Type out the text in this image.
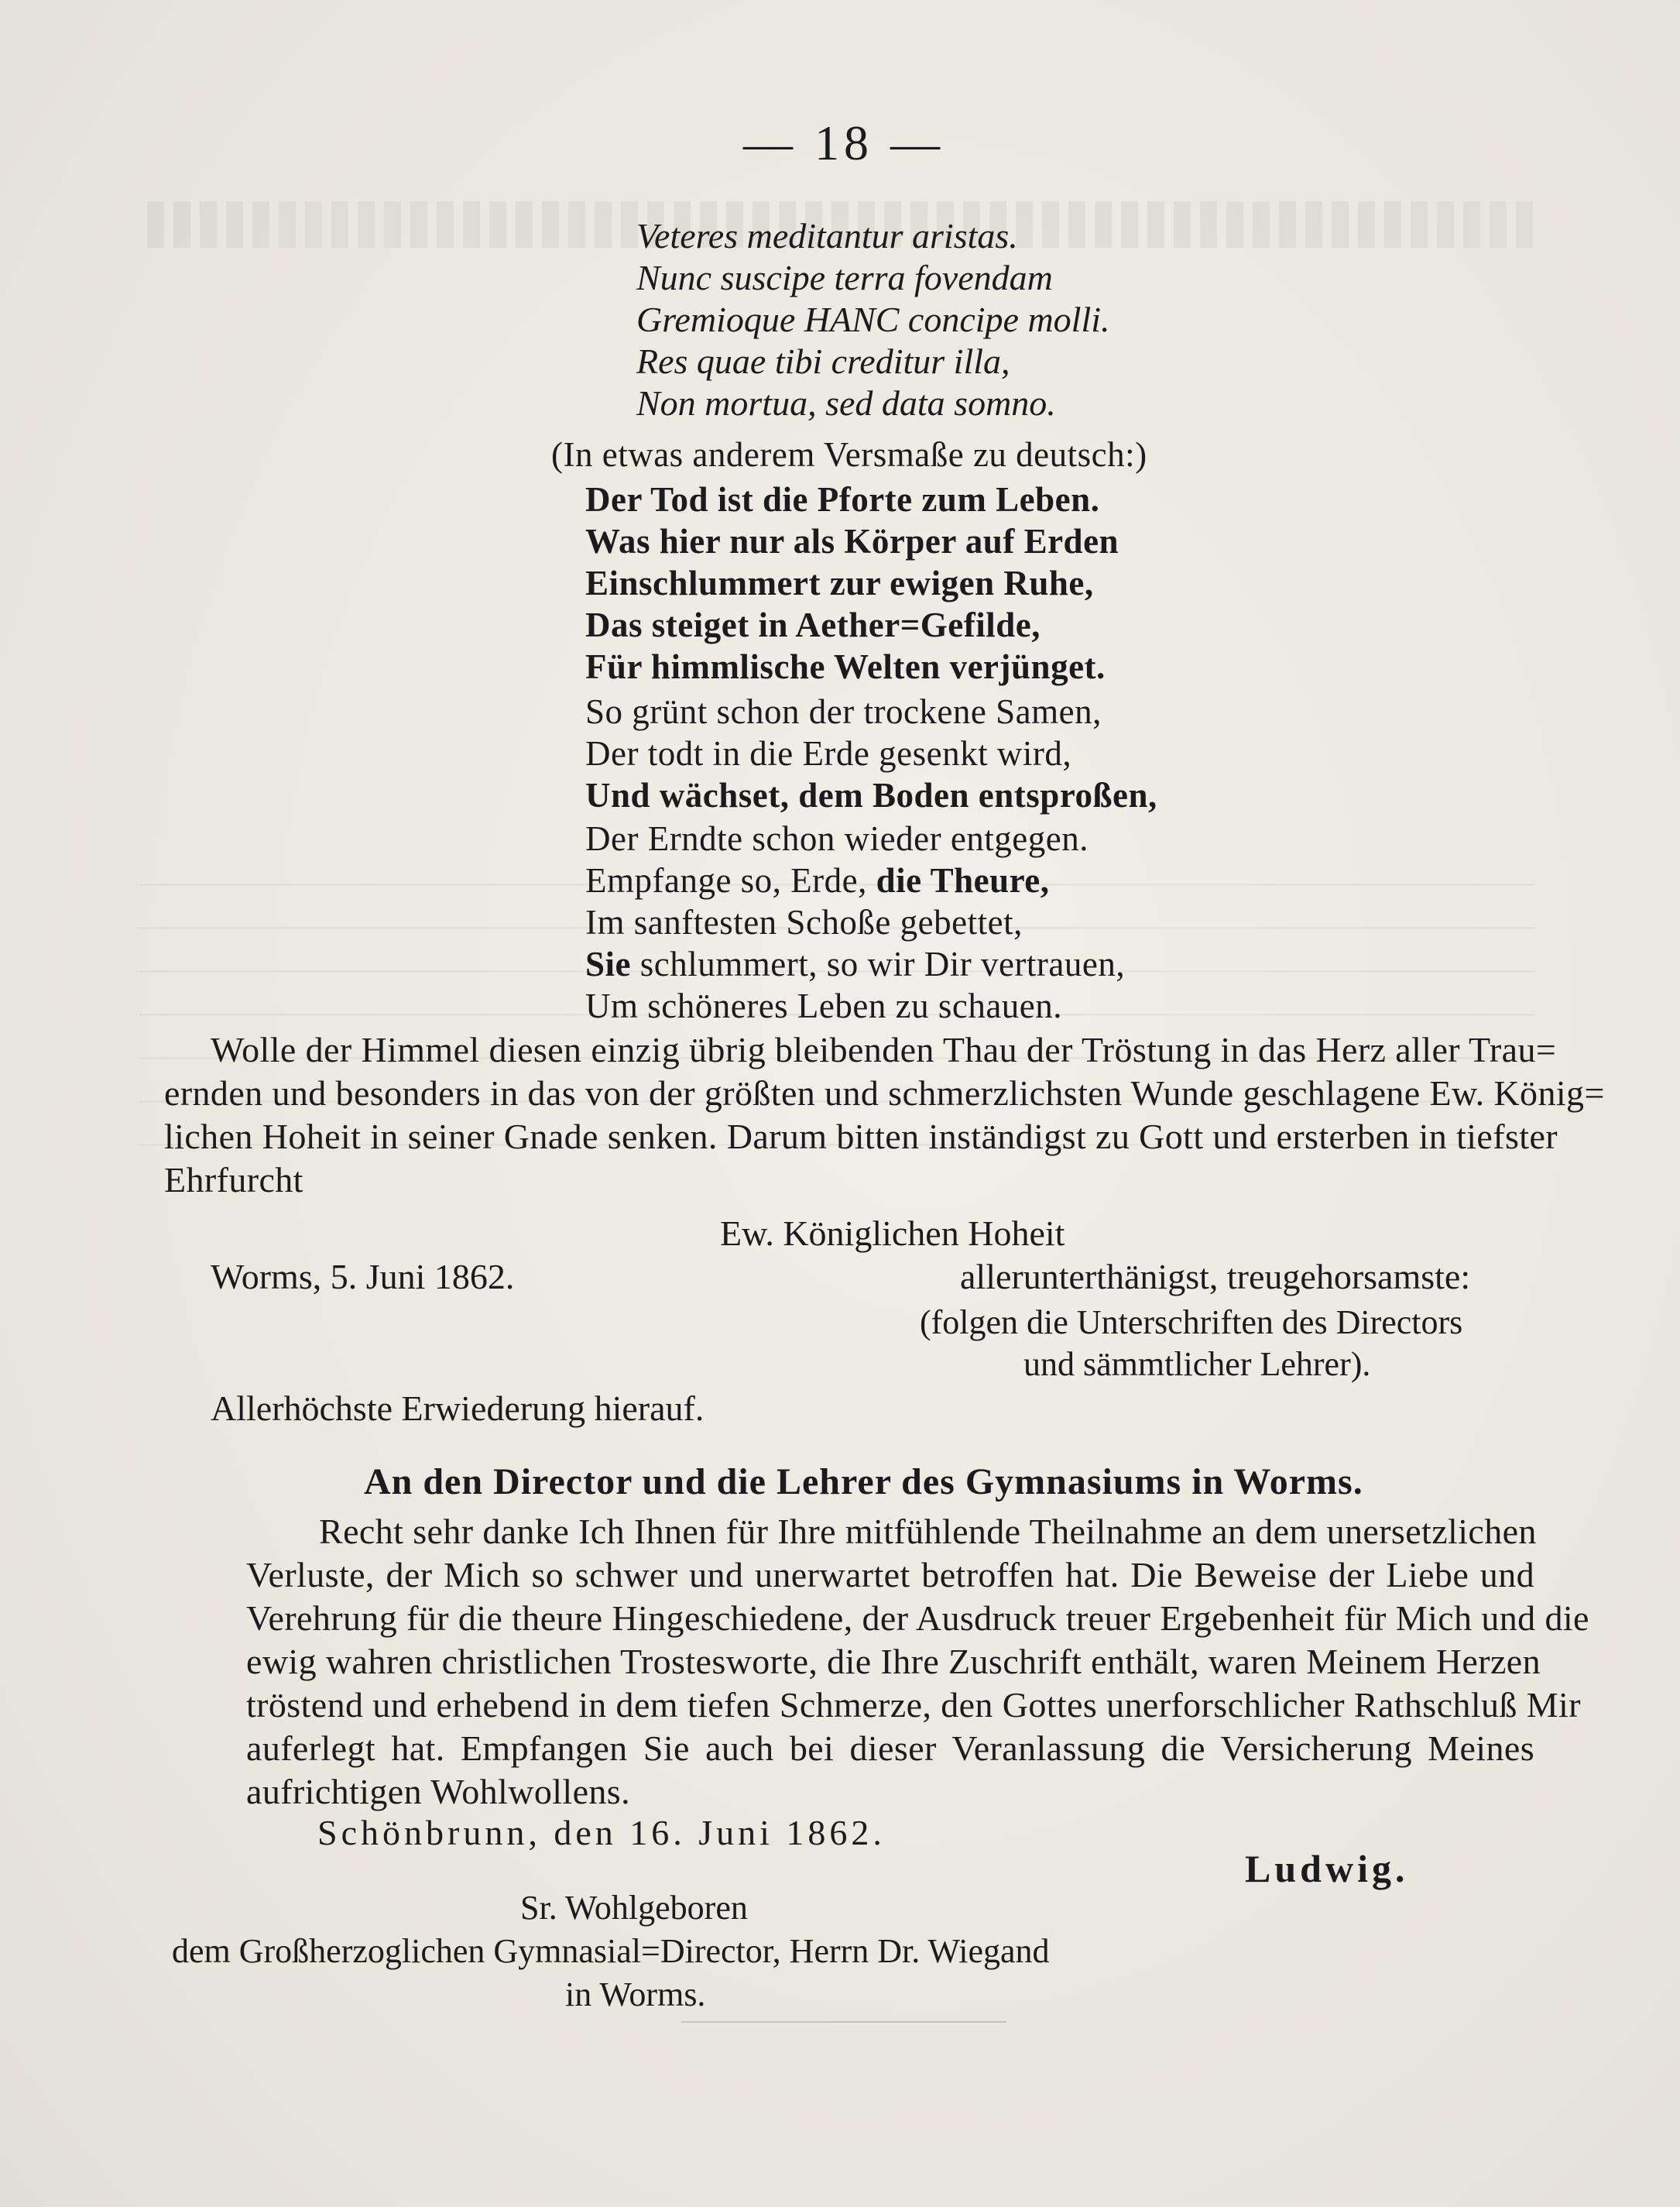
— 18 —
Veteres meditantur aristas.
Nunc suscipe terra fovendam
Gremioque HANC concipe molli.
Res quae tibi creditur illa,
Non mortua, sed data somno.
(In etwas anderem Versmaße zu deutsch:)
Der Tod ist die Pforte zum Leben.
Was hier nur als Körper auf Erden
Einschlummert zur ewigen Ruhe,
Das steiget in Aether=Gefilde,
Für himmlische Welten verjünget.
So grünt schon der trockene Samen,
Der todt in die Erde gesenkt wird,
Und wächset, dem Boden entsproßen,
Der Erndte schon wieder entgegen.
Empfange so, Erde, die Theure,
Im sanftesten Schoße gebettet,
Sie schlummert, so wir Dir vertrauen,
Um schöneres Leben zu schauen.
Wolle der Himmel diesen einzig übrig bleibenden Thau der Tröstung in das Herz aller Trau=
ernden und besonders in das von der größten und schmerzlichsten Wunde geschlagene Ew. König=
lichen Hoheit in seiner Gnade senken. Darum bitten inständigst zu Gott und ersterben in tiefster
Ehrfurcht
Ew. Königlichen Hoheit
Worms, 5. Juni 1862.	allerunterthänigst, treugehorsamste:
(folgen die Unterschriften des Directors
und sämmtlicher Lehrer).
Allerhöchste Erwiederung hierauf.
An den Director und die Lehrer des Gymnasiums in Worms.
Recht sehr danke Ich Ihnen für Ihre mitfühlende Theilnahme an dem unersetzlichen
Verluste, der Mich so schwer und unerwartet betroffen hat. Die Beweise der Liebe und
Verehrung für die theure Hingeschiedene, der Ausdruck treuer Ergebenheit für Mich und die
ewig wahren christlichen Trostesworte, die Ihre Zuschrift enthält, waren Meinem Herzen
tröstend und erhebend in dem tiefen Schmerze, den Gottes unerforschlicher Rathschluß Mir
auferlegt hat. Empfangen Sie auch bei dieser Veranlassung die Versicherung Meines
aufrichtigen Wohlwollens.
Schönbrunn, den 16. Juni 1862.
Ludwig.
Sr. Wohlgeboren
dem Großherzoglichen Gymnasial=Director, Herrn Dr. Wiegand
in Worms.
